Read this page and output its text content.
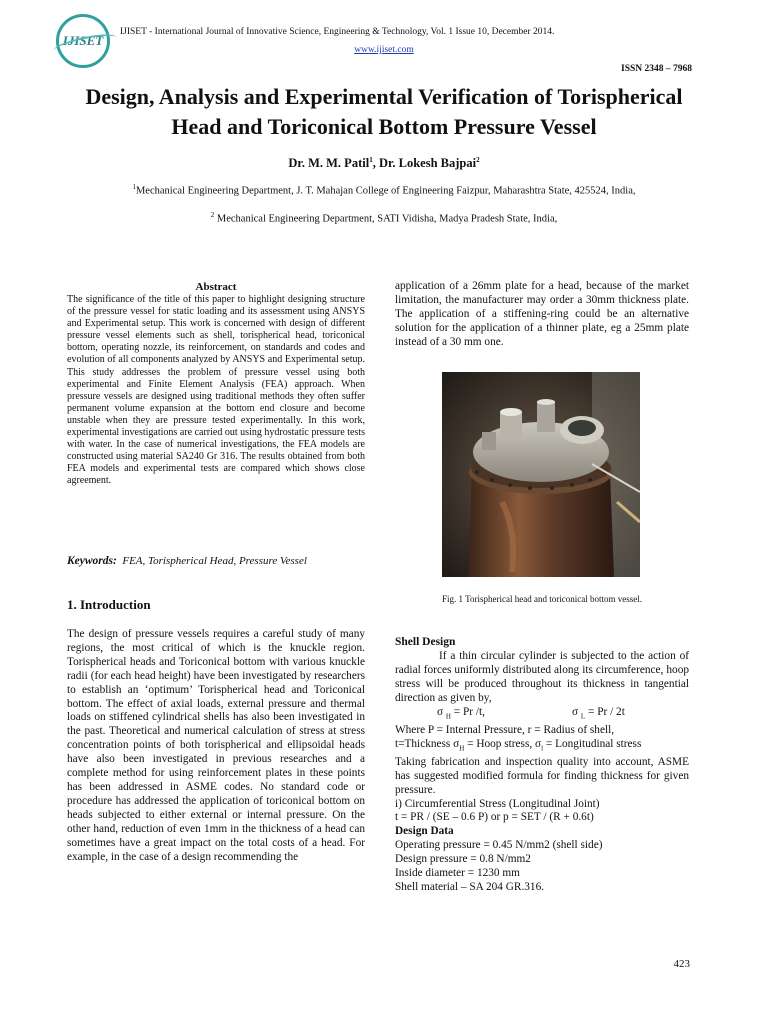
IJISET
IJISET - International Journal of Innovative Science, Engineering & Technology, Vol. 1 Issue 10, December 2014.
www.ijiset.com
ISSN 2348 – 7968
Design, Analysis and Experimental Verification of Torispherical
Head and Toriconical Bottom Pressure Vessel
Dr. M. M. Patil$^1$, Dr. Lokesh Bajpai$^2$
$^1$Mechanical Engineering Department, J. T. Mahajan College of Engineering Faizpur, Maharashtra State, 425524, India,
$^2$ Mechanical Engineering Department, SATI Vidisha, Madya Pradesh State, India,
Abstract
The significance of the title of this paper to highlight designing structure of the pressure vessel for static loading and its assessment using ANSYS and Experimental setup. This work is concerned with design of different pressure vessel elements such as shell, torispherical head, toriconical bottom, operating nozzle, its reinforcement, on standards and codes and evolution of all components analyzed by ANSYS and Experimental setup. This study addresses the problem of pressure vessel using both experimental and Finite Element Analysis (FEA) approach. When pressure vessels are designed using traditional methods they often suffer permanent volume expansion at the bottom end closure and become unstable when they are pressure tested experimentally. In this work, experimental investigations are carried out using hydrostatic pressure tests with water. In the case of numerical investigations, the FEA models are constructed using material SA240 Gr 316. The results obtained from both FEA models and experimental tests are compared which shows close agreement.
Keywords: FEA, Torispherical Head, Pressure Vessel
1. Introduction
The design of pressure vessels requires a careful study of many regions, the most critical of which is the knuckle region. Torispherical heads and Toriconical bottom with various knuckle radii (for each head height) have been investigated by researchers to establish an ‘optimum’ Torispherical head and Toriconical bottom. The effect of axial loads, external pressure and thermal loads on stiffened cylindrical shells has also been investigated in the past. Theoretical and numerical calculation of stress at stress concentration points of both torispherical and ellipsoidal heads have also been investigated in previous researches and a complete method for using reinforcement plates in these points has been addressed in ASME codes. No standard code or procedure has addressed the application of toriconical bottom on heads subjected to either external or internal pressure. On the other hand, reduction of even 1mm in the thickness of a head can sometimes have a great impact on the total costs of a head. For example, in the case of a design recommending the
application of a 26mm plate for a head, because of the market limitation, the manufacturer may order a 30mm thickness plate. The application of a stiffening-ring could be an alternative solution for the application of a thinner plate, eg a 25mm plate instead of a 30 mm one.
Fig. 1 Torispherical head and toriconical bottom vessel.
Shell Design

If a thin circular cylinder is subjected to the action of radial forces uniformly distributed along its circumference, hoop stress will be produced throughout its thickness in tangential direction as given by,

σ $_H$ = Pr /t,	σ $_L$ = Pr / 2t

Where P = Internal Pressure, r = Radius of shell,

t=Thickness $\sigma_H$ = Hoop stress, $\sigma_l$ = Longitudinal stress

Taking fabrication and inspection quality into account, ASME has suggested modified formula for finding thickness for given pressure.

i) Circumferential Stress (Longitudinal Joint)

t = PR / (SE – 0.6 P) or p = SET / (R + 0.6t)

Design Data

Operating pressure = 0.45 N/mm2 (shell side)

Design pressure = 0.8 N/mm2

Inside diameter = 1230 mm

Shell material – SA 204 GR.316.

423
